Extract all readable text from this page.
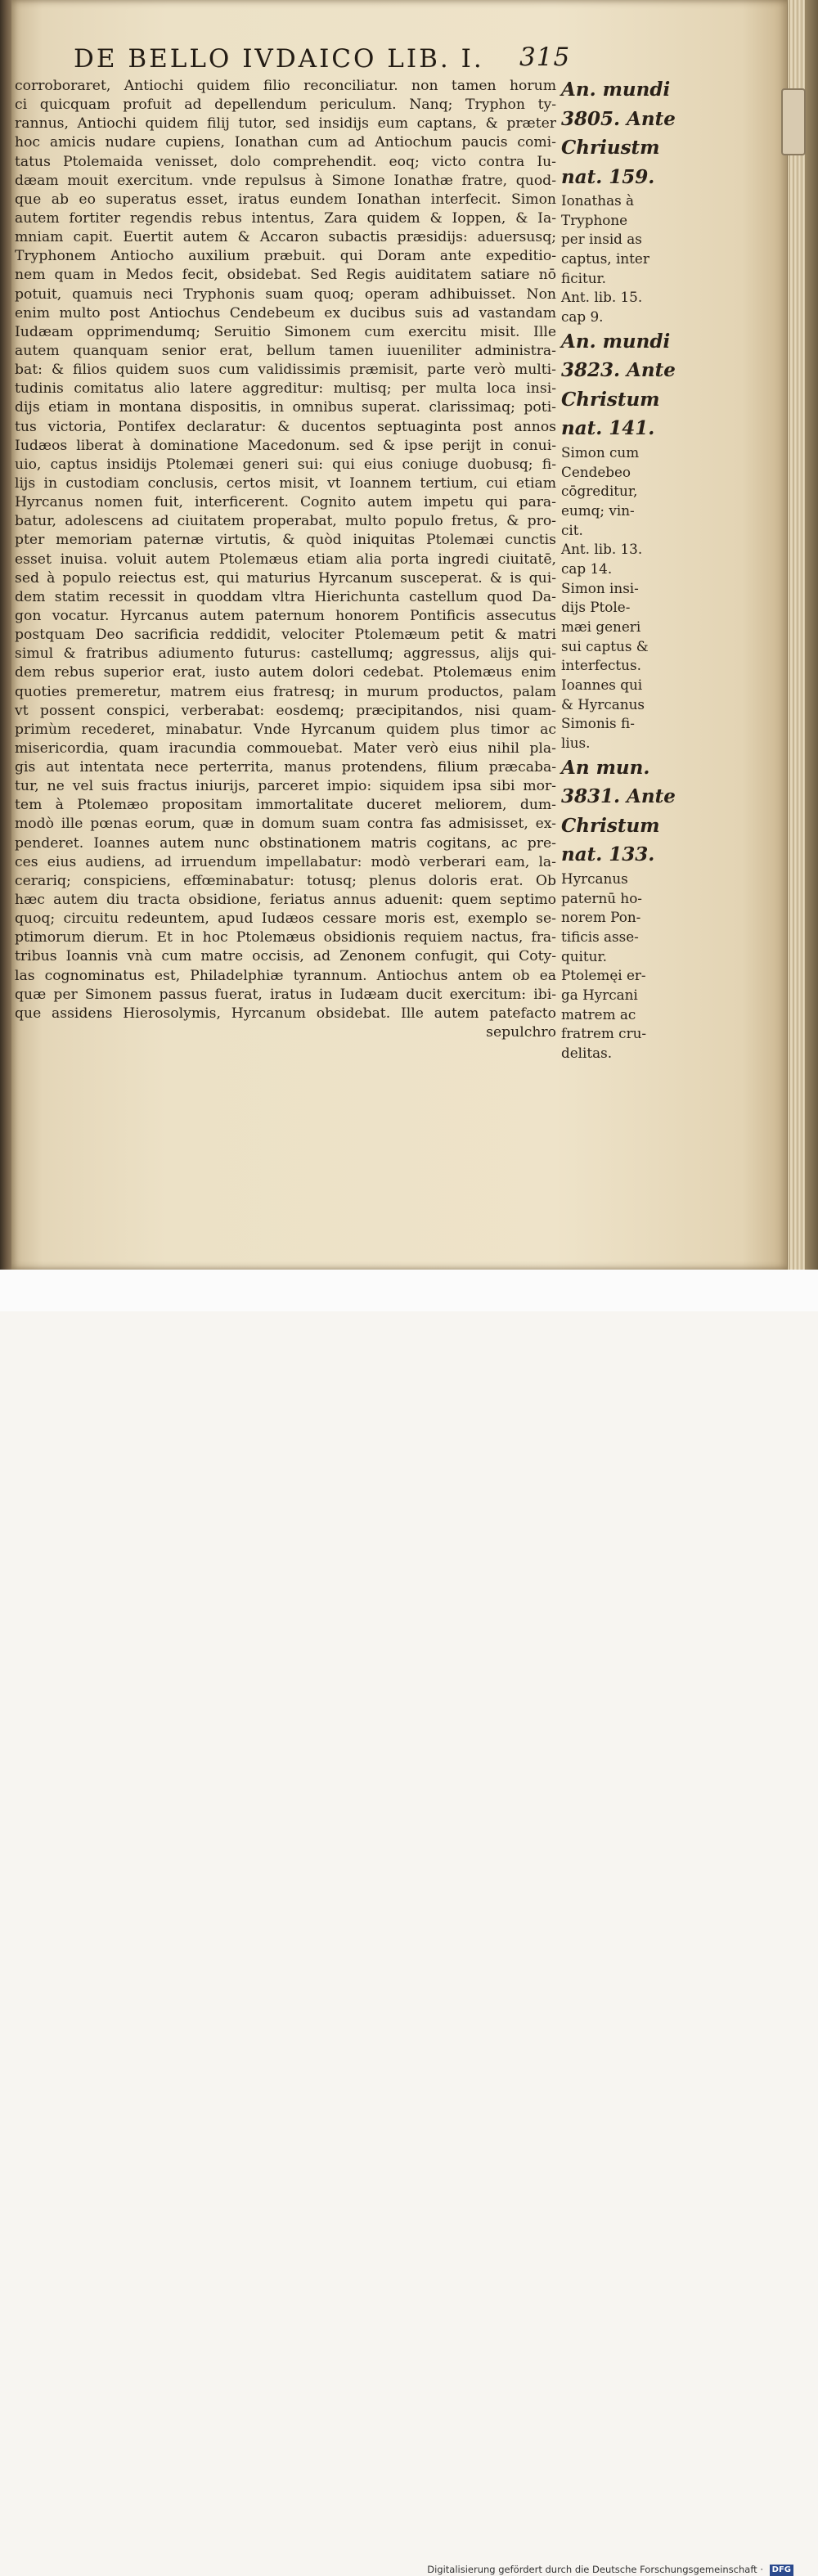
DE BELLO IVDAICO LIB. I. 315
corroboraret, Antiochi quidem filio reconciliatur. non tamen horum
ci quicquam profuit ad depellendum periculum. Nanq; Tryphon ty-
rannus, Antiochi quidem filij tutor, sed insidijs eum captans, & præter
hoc amicis nudare cupiens, Ionathan cum ad Antiochum paucis comi-
tatus Ptolemaida venisset, dolo comprehendit. eoq; victo contra Iu-
dæam mouit exercitum. vnde repulsus à Simone Ionathæ fratre, quod-
que ab eo superatus esset, iratus eundem Ionathan interfecit. Simon
autem fortiter regendis rebus intentus, Zara quidem & Ioppen, & Ia-
mniam capit. Euertit autem & Accaron subactis præsidijs: aduersusq;
Tryphonem Antiocho auxilium præbuit. qui Doram ante expeditio-
nem quam in Medos fecit, obsidebat. Sed Regis auiditatem satiare nō
potuit, quamuis neci Tryphonis suam quoq; operam adhibuisset. Non
enim multo post Antiochus Cendebeum ex ducibus suis ad vastandam
Iudæam opprimendumq; Seruitio Simonem cum exercitu misit. Ille
autem quanquam senior erat, bellum tamen iuueniliter administra-
bat: & filios quidem suos cum validissimis præmisit, parte verò multi-
tudinis comitatus alio latere aggreditur: multisq; per multa loca insi-
dijs etiam in montana dispositis, in omnibus superat. clarissimaq; poti-
tus victoria, Pontifex declaratur: & ducentos septuaginta post annos
Iudæos liberat à dominatione Macedonum. sed & ipse perijt in conui-
uio, captus insidijs Ptolemæi generi sui: qui eius coniuge duobusq; fi-
lijs in custodiam conclusis, certos misit, vt Ioannem tertium, cui etiam
Hyrcanus nomen fuit, interficerent. Cognito autem impetu qui para-
batur, adolescens ad ciuitatem properabat, multo populo fretus, & pro-
pter memoriam paternæ virtutis, & quòd iniquitas Ptolemæi cunctis
esset inuisa. voluit autem Ptolemæus etiam alia porta ingredi ciuitatē,
sed à populo reiectus est, qui maturius Hyrcanum susceperat. & is qui-
dem statim recessit in quoddam vltra Hierichunta castellum quod Da-
gon vocatur. Hyrcanus autem paternum honorem Pontificis assecutus
postquam Deo sacrificia reddidit, velociter Ptolemæum petit & matri
simul & fratribus adiumento futurus: castellumq; aggressus, alijs qui-
dem rebus superior erat, iusto autem dolori cedebat. Ptolemæus enim
quoties premeretur, matrem eius fratresq; in murum productos, palam
vt possent conspici, verberabat: eosdemq; præcipitandos, nisi quam-
primùm recederet, minabatur. Vnde Hyrcanum quidem plus timor ac
misericordia, quam iracundia commouebat. Mater verò eius nihil pla-
gis aut intentata nece perterrita, manus protendens, filium præcaba-
tur, ne vel suis fractus iniurijs, parceret impio: siquidem ipsa sibi mor-
tem à Ptolemæo propositam immortalitate duceret meliorem, dum-
modò ille pœnas eorum, quæ in domum suam contra fas admisisset, ex-
penderet. Ioannes autem nunc obstinationem matris cogitans, ac pre-
ces eius audiens, ad irruendum impellabatur: modò verberari eam, la-
cerariq; conspiciens, effœminabatur: totusq; plenus doloris erat. Ob
hæc autem diu tracta obsidione, feriatus annus aduenit: quem septimo
quoq; circuitu redeuntem, apud Iudæos cessare moris est, exemplo se-
ptimorum dierum. Et in hoc Ptolemæus obsidionis requiem nactus, fra-
tribus Ioannis vnà cum matre occisis, ad Zenonem confugit, qui Coty-
las cognominatus est, Philadelphiæ tyrannum. Antiochus antem ob ea
quæ per Simonem passus fuerat, iratus in Iudæam ducit exercitum: ibi-
que assidens Hierosolymis, Hyrcanum obsidebat. Ille autem patefacto
sepulchro
An. mundi
3805. Ante
Chriustm
nat. 159.
Ionathas à
Tryphone
per insid as
captus, inter
ficitur.
Ant. lib. 15.
cap 9.
An. mundi
3823. Ante
Christum
nat. 141.
Simon cum
Cendebeo
cōgreditur,
eumq; vin-
cit.
Ant. lib. 13.
cap 14.
Simon insi-
dijs Ptole-
mæi generi
sui captus &
interfectus.
Ioannes qui
& Hyrcanus
Simonis fi-
lius.
An mun.
3831. Ante
Christum
nat. 133.
Hyrcanus
paternū ho-
norem Pon-
tificis asse-
quitur.
Ptolemęi er-
ga Hyrcani
matrem ac
fratrem cru-
delitas.
Digitalisierung gefördert durch die Deutsche Forschungsgemeinschaft · DFG
